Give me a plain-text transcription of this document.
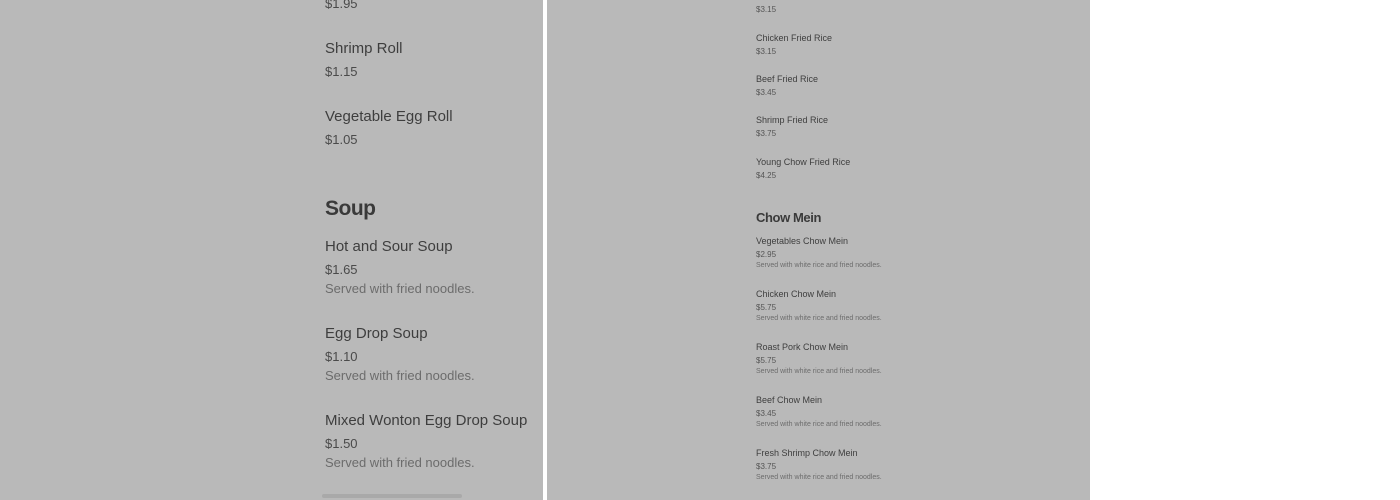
$1.95
Shrimp Roll
$1.15
Vegetable Egg Roll
$1.05
Soup
Hot and Sour Soup
$1.65
Served with fried noodles.
Egg Drop Soup
$1.10
Served with fried noodles.
Mixed Wonton Egg Drop Soup
$1.50
Served with fried noodles.
$3.15
Chicken Fried Rice
$3.15
Beef Fried Rice
$3.45
Shrimp Fried Rice
$3.75
Young Chow Fried Rice
$4.25
Chow Mein
Vegetables Chow Mein
$2.95
Served with white rice and fried noodles.
Chicken Chow Mein
$5.75
Served with white rice and fried noodles.
Roast Pork Chow Mein
$5.75
Served with white rice and fried noodles.
Beef Chow Mein
$3.45
Served with white rice and fried noodles.
Fresh Shrimp Chow Mein
$3.75
Served with white rice and fried noodles.
